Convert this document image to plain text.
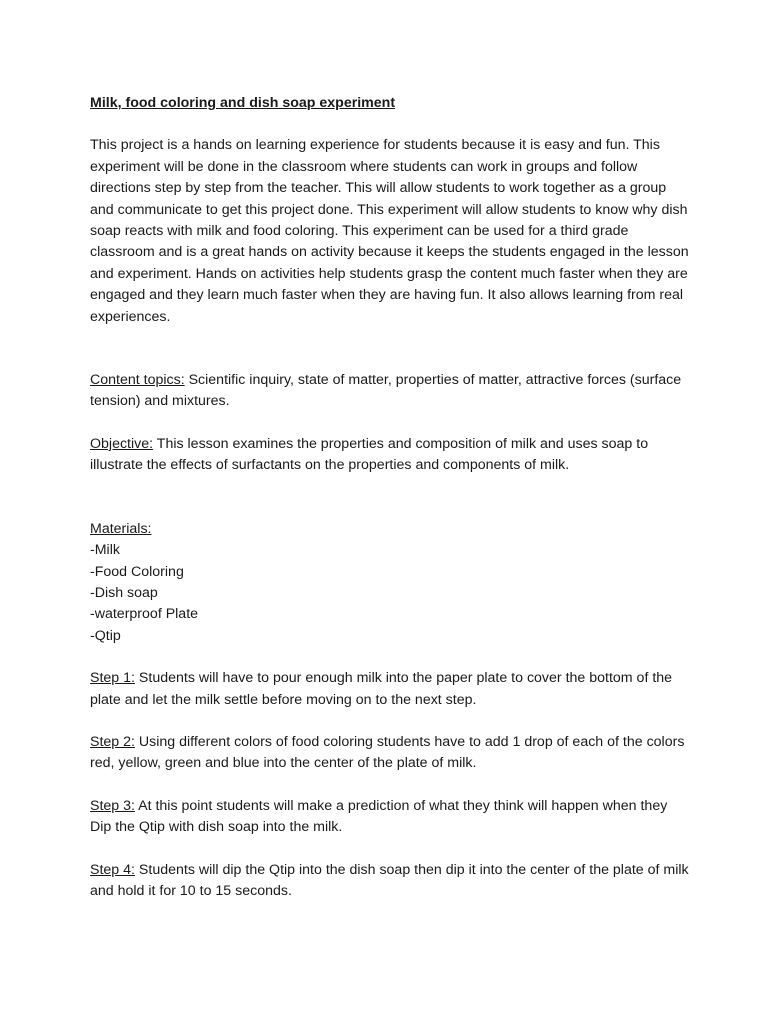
Milk, food coloring and dish soap experiment
This project is a hands on learning experience for students because it is easy and fun. This experiment will be done in the classroom where students can work in groups and follow directions step by step from the teacher. This will allow students to work together as a group and communicate to get this project done. This experiment will allow students to know why dish soap reacts with milk and food coloring. This experiment can be used for a third grade classroom and is a great hands on activity because it keeps the students engaged in the lesson and experiment. Hands on activities help students grasp the content much faster when they are engaged and they learn much faster when they are having fun. It also allows learning from real experiences.
Content topics: Scientific inquiry, state of matter, properties of matter, attractive forces (surface tension) and mixtures.
Objective: This lesson examines the properties and composition of milk and uses soap to illustrate the effects of surfactants on the properties and components of milk.
Materials:
-Milk
-Food Coloring
-Dish soap
-waterproof Plate
-Qtip
Step 1: Students will have to pour enough milk into the paper plate to cover the bottom of the plate and let the milk settle before moving on to the next step.
Step 2: Using different colors of food coloring students have to add 1 drop of each of the colors red, yellow, green and blue into the center of the plate of milk.
Step 3: At this point students will make a prediction of what they think will happen when they Dip the Qtip with dish soap into the milk.
Step 4: Students will dip the Qtip into the dish soap then dip it into the center of the plate of milk and hold it for 10 to 15 seconds.
